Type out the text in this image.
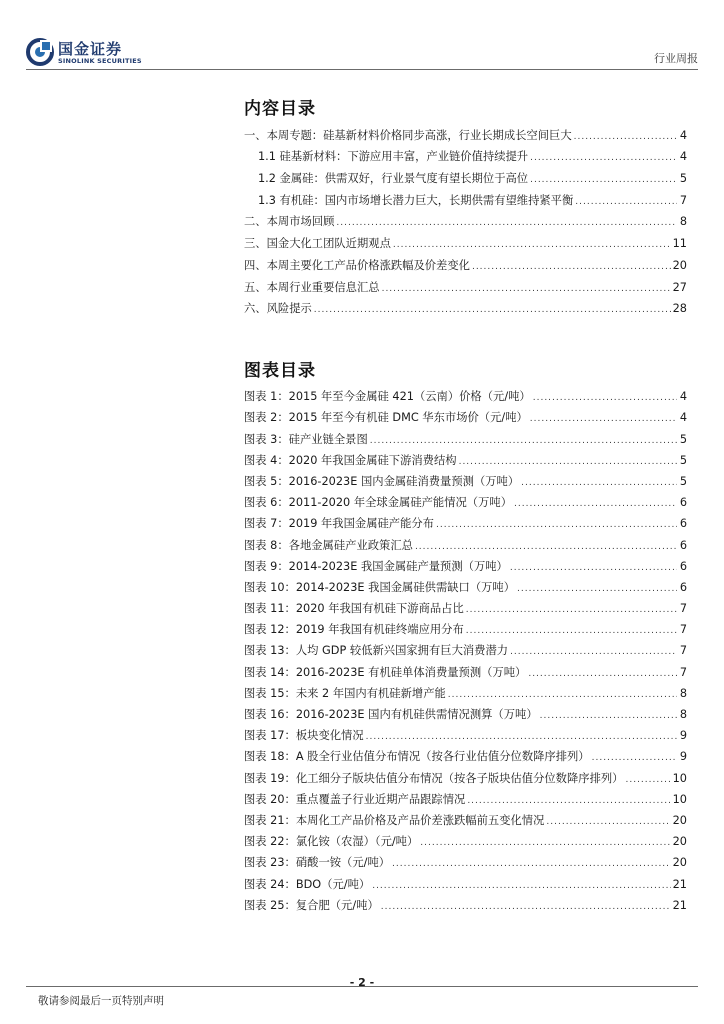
国金证券
SINOLINK SECURITIES	行业周报
内容目录
一、本周专题：硅基新材料价格同步高涨，行业长期成长空间巨大 .....	4
1.1 硅基新材料：下游应用丰富，产业链价值持续提升 .....	4
1.2 金属硅：供需双好，行业景气度有望长期位于高位 .....	5
1.3 有机硅：国内市场增长潜力巨大，长期供需有望维持紧平衡 .....	7
二、本周市场回顾 .....	8
三、国金大化工团队近期观点 .....	11
四、本周主要化工产品价格涨跌幅及价差变化 .....	20
五、本周行业重要信息汇总 .....	27
六、风险提示 .....	28
图表目录
图表 1：2015 年至今金属硅 421（云南）价格（元/吨） .....	4
图表 2：2015 年至今有机硅 DMC 华东市场价（元/吨） .....	4
图表 3：硅产业链全景图 .....	5
图表 4：2020 年我国金属硅下游消费结构 .....	5
图表 5：2016-2023E 国内金属硅消费量预测（万吨） .....	5
图表 6：2011-2020 年全球金属硅产能情况（万吨） .....	6
图表 7：2019 年我国金属硅产能分布 .....	6
图表 8：各地金属硅产业政策汇总 .....	6
图表 9：2014-2023E 我国金属硅产量预测（万吨） .....	6
图表 10：2014-2023E 我国金属硅供需缺口（万吨） .....	6
图表 11：2020 年我国有机硅下游商品占比 .....	7
图表 12：2019 年我国有机硅终端应用分布 .....	7
图表 13：人均 GDP 较低新兴国家拥有巨大消费潜力 .....	7
图表 14：2016-2023E 有机硅单体消费量预测（万吨） .....	7
图表 15：未来 2 年国内有机硅新增产能 .....	8
图表 16：2016-2023E 国内有机硅供需情况测算（万吨） .....	8
图表 17：板块变化情况 .....	9
图表 18：A 股全行业估值分布情况（按各行业估值分位数降序排列） .....	9
图表 19：化工细分子版块估值分布情况（按各子版块估值分位数降序排列） .....	10
图表 20：重点覆盖子行业近期产品跟踪情况 .....	10
图表 21：本周化工产品价格及产品价差涨跌幅前五变化情况 .....	20
图表 22：氯化铵（农湿）（元/吨） .....	20
图表 23：硝酸一铵（元/吨） .....	20
图表 24：BDO（元/吨） .....	21
图表 25：复合肥（元/吨） .....	21
- 2 -
敬请参阅最后一页特别声明
